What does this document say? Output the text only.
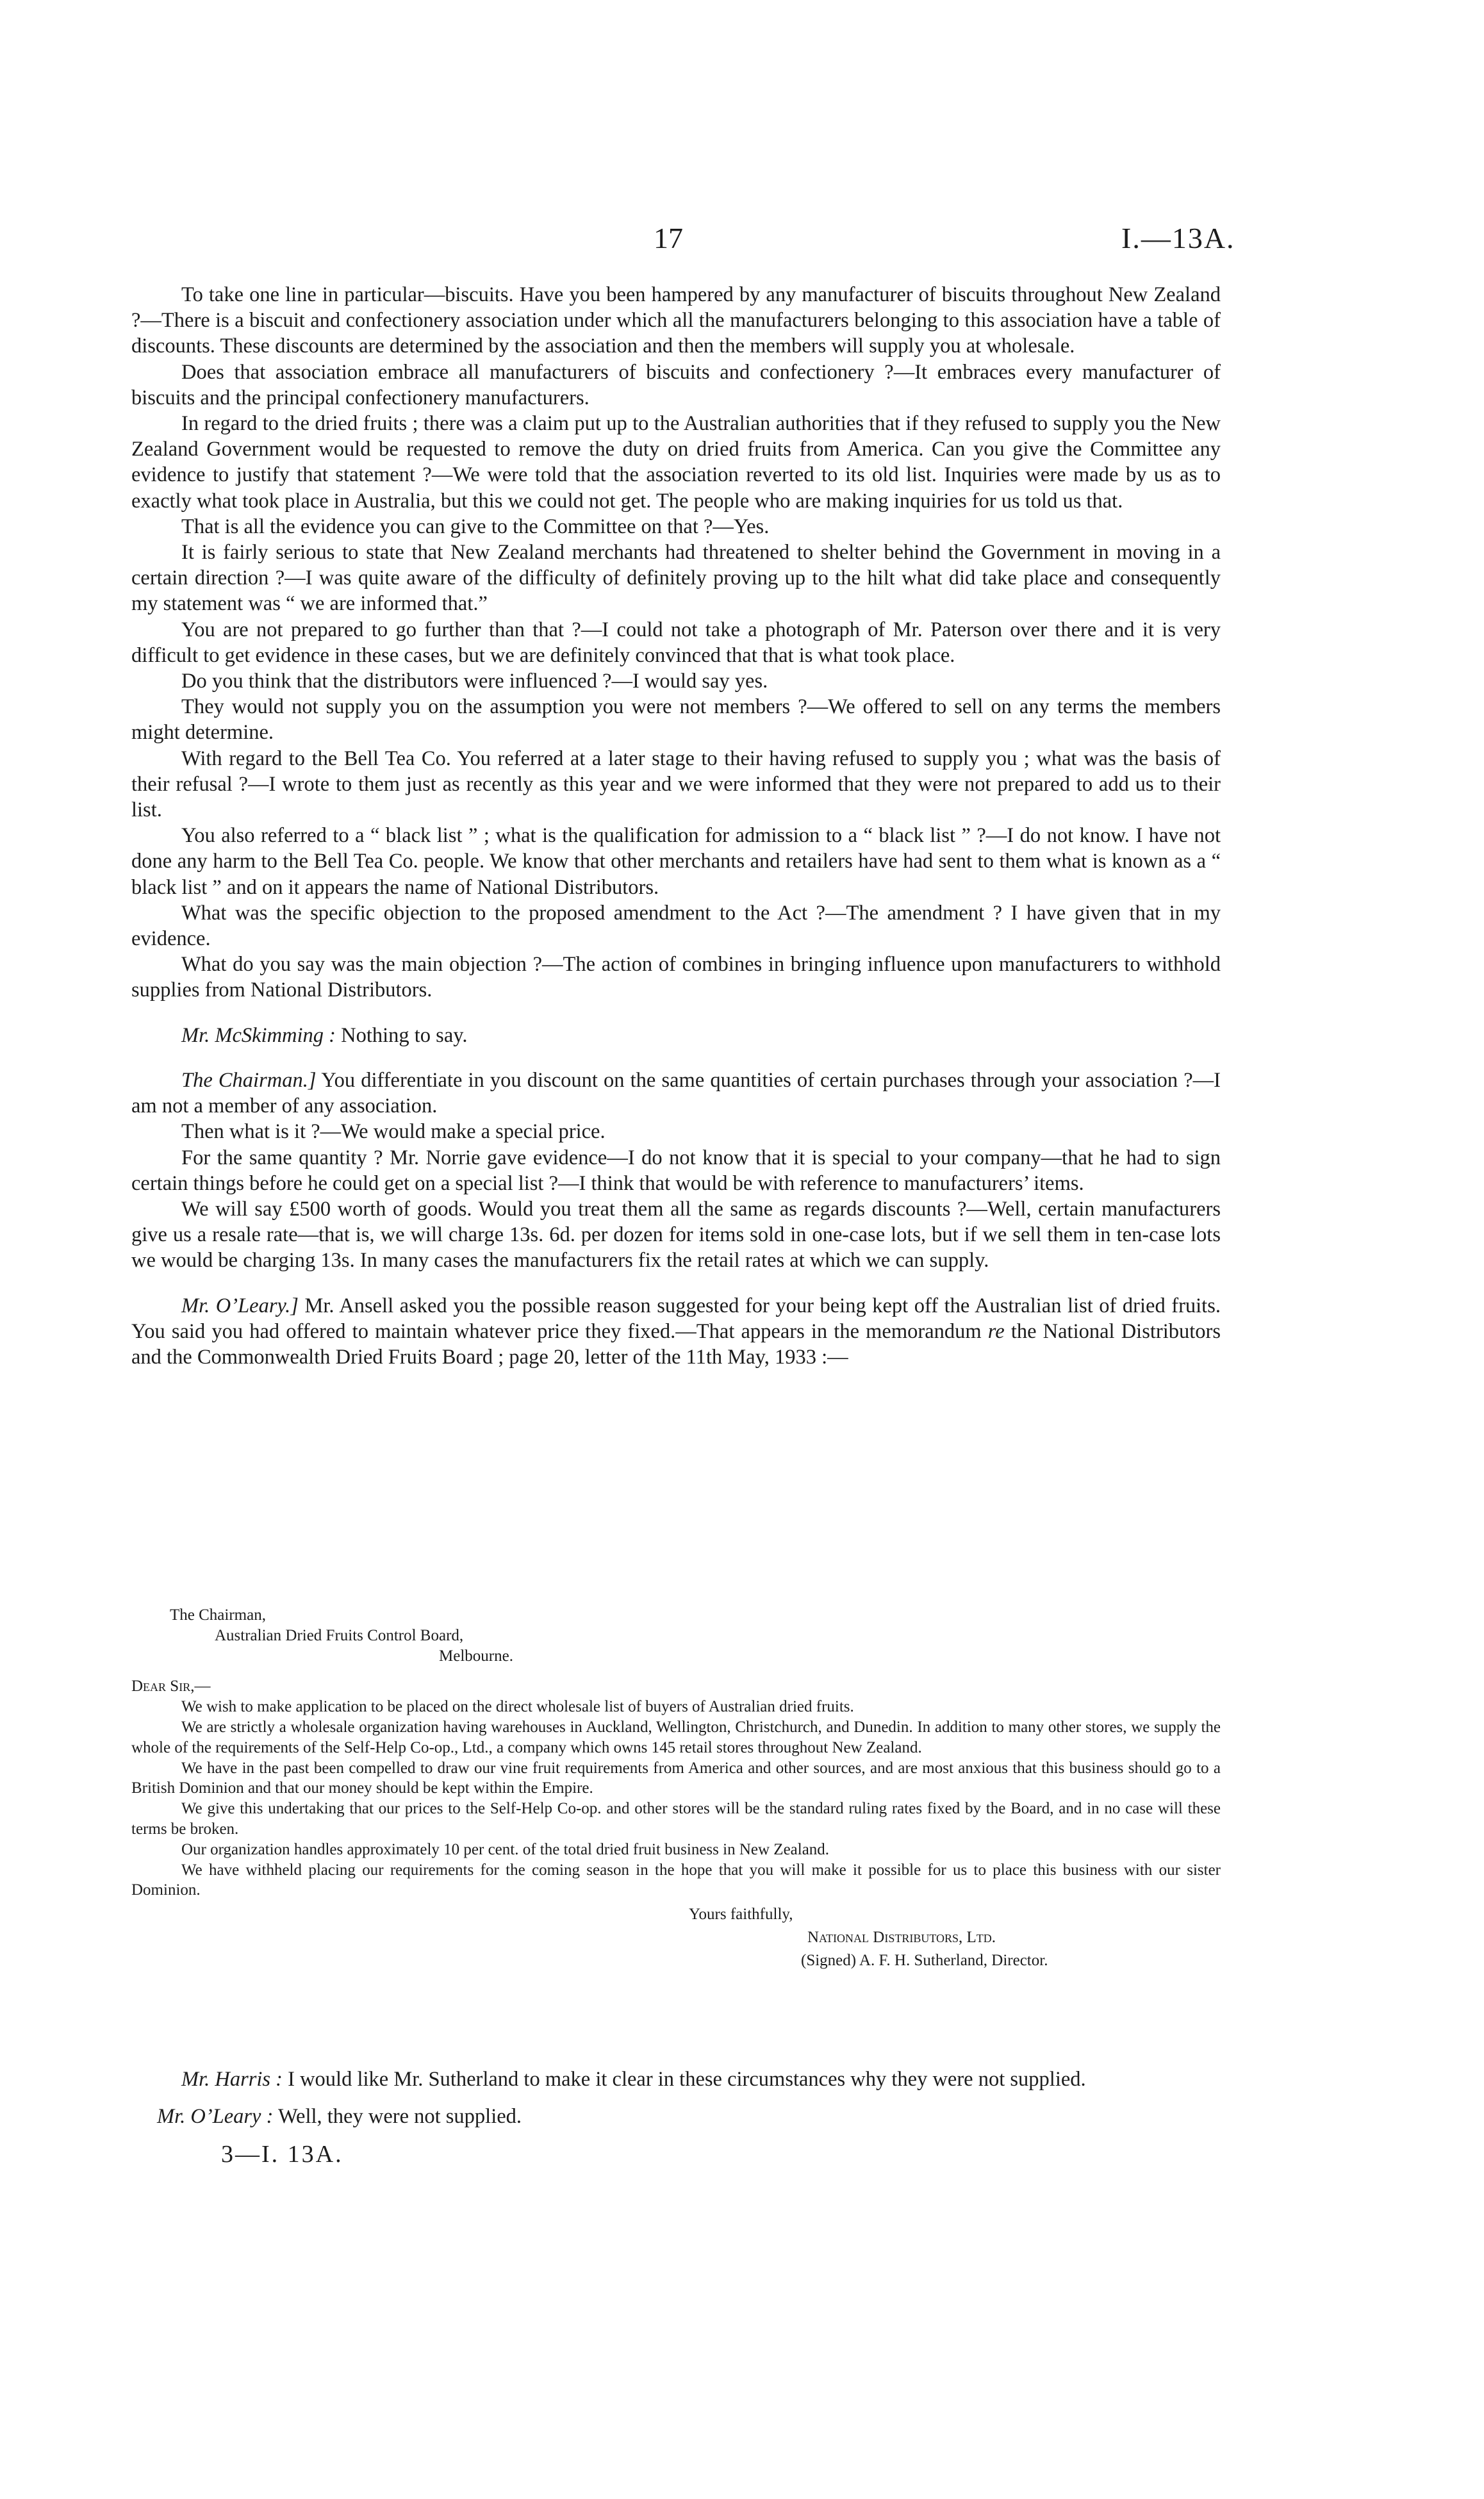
17	I.—13A.

To take one line in particular—biscuits. Have you been hampered by any manufacturer of biscuits throughout New Zealand ?—There is a biscuit and confectionery association under which all the manufacturers belonging to this association have a table of discounts. These discounts are determined by the association and then the members will supply you at wholesale.

Does that association embrace all manufacturers of biscuits and confectionery ?—It embraces every manufacturer of biscuits and the principal confectionery manufacturers.

In regard to the dried fruits ; there was a claim put up to the Australian authorities that if they refused to supply you the New Zealand Government would be requested to remove the duty on dried fruits from America. Can you give the Committee any evidence to justify that statement ?—We were told that the association reverted to its old list. Inquiries were made by us as to exactly what took place in Australia, but this we could not get. The people who are making inquiries for us told us that.

That is all the evidence you can give to the Committee on that ?—Yes.

It is fairly serious to state that New Zealand merchants had threatened to shelter behind the Government in moving in a certain direction ?—I was quite aware of the difficulty of definitely proving up to the hilt what did take place and consequently my statement was “ we are informed that.”

You are not prepared to go further than that ?—I could not take a photograph of Mr. Paterson over there and it is very difficult to get evidence in these cases, but we are definitely convinced that that is what took place.

Do you think that the distributors were influenced ?—I would say yes.

They would not supply you on the assumption you were not members ?—We offered to sell on any terms the members might determine.

With regard to the Bell Tea Co. You referred at a later stage to their having refused to supply you ; what was the basis of their refusal ?—I wrote to them just as recently as this year and we were informed that they were not prepared to add us to their list.

You also referred to a “ black list ” ; what is the qualification for admission to a “ black list ” ?—I do not know. I have not done any harm to the Bell Tea Co. people. We know that other merchants and retailers have had sent to them what is known as a “ black list ” and on it appears the name of National Distributors.

What was the specific objection to the proposed amendment to the Act ?—The amendment ? I have given that in my evidence.

What do you say was the main objection ?—The action of combines in bringing influence upon manufacturers to withhold supplies from National Distributors.

Mr. McSkimming : Nothing to say.

The Chairman.] You differentiate in you discount on the same quantities of certain purchases through your association ?—I am not a member of any association.

Then what is it ?—We would make a special price.

For the same quantity ? Mr. Norrie gave evidence—I do not know that it is special to your company—that he had to sign certain things before he could get on a special list ?—I think that would be with reference to manufacturers’ items.

We will say £500 worth of goods. Would you treat them all the same as regards discounts ?—Well, certain manufacturers give us a resale rate—that is, we will charge 13s. 6d. per dozen for items sold in one-case lots, but if we sell them in ten-case lots we would be charging 13s. In many cases the manufacturers fix the retail rates at which we can supply.

Mr. O’Leary.] Mr. Ansell asked you the possible reason suggested for your being kept off the Australian list of dried fruits. You said you had offered to maintain whatever price they fixed.—That appears in the memorandum re the National Distributors and the Commonwealth Dried Fruits Board ; page 20, letter of the 11th May, 1933 :—

The Chairman,
Australian Dried Fruits Control Board,
Melbourne.
Dear Sir,—

We wish to make application to be placed on the direct wholesale list of buyers of Australian dried fruits.

We are strictly a wholesale organization having warehouses in Auckland, Wellington, Christchurch, and Dunedin. In addition to many other stores, we supply the whole of the requirements of the Self-Help Co-op., Ltd., a company which owns 145 retail stores throughout New Zealand.

We have in the past been compelled to draw our vine fruit requirements from America and other sources, and are most anxious that this business should go to a British Dominion and that our money should be kept within the Empire.

We give this undertaking that our prices to the Self-Help Co-op. and other stores will be the standard ruling rates fixed by the Board, and in no case will these terms be broken.

Our organization handles approximately 10 per cent. of the total dried fruit business in New Zealand.

We have withheld placing our requirements for the coming season in the hope that you will make it possible for us to place this business with our sister Dominion.

Yours faithfully,
National Distributors, Ltd.
(Signed) A. F. H. Sutherland, Director.

Mr. Harris : I would like Mr. Sutherland to make it clear in these circumstances why they were not supplied.

Mr. O’Leary : Well, they were not supplied.

3—I. 13A.
